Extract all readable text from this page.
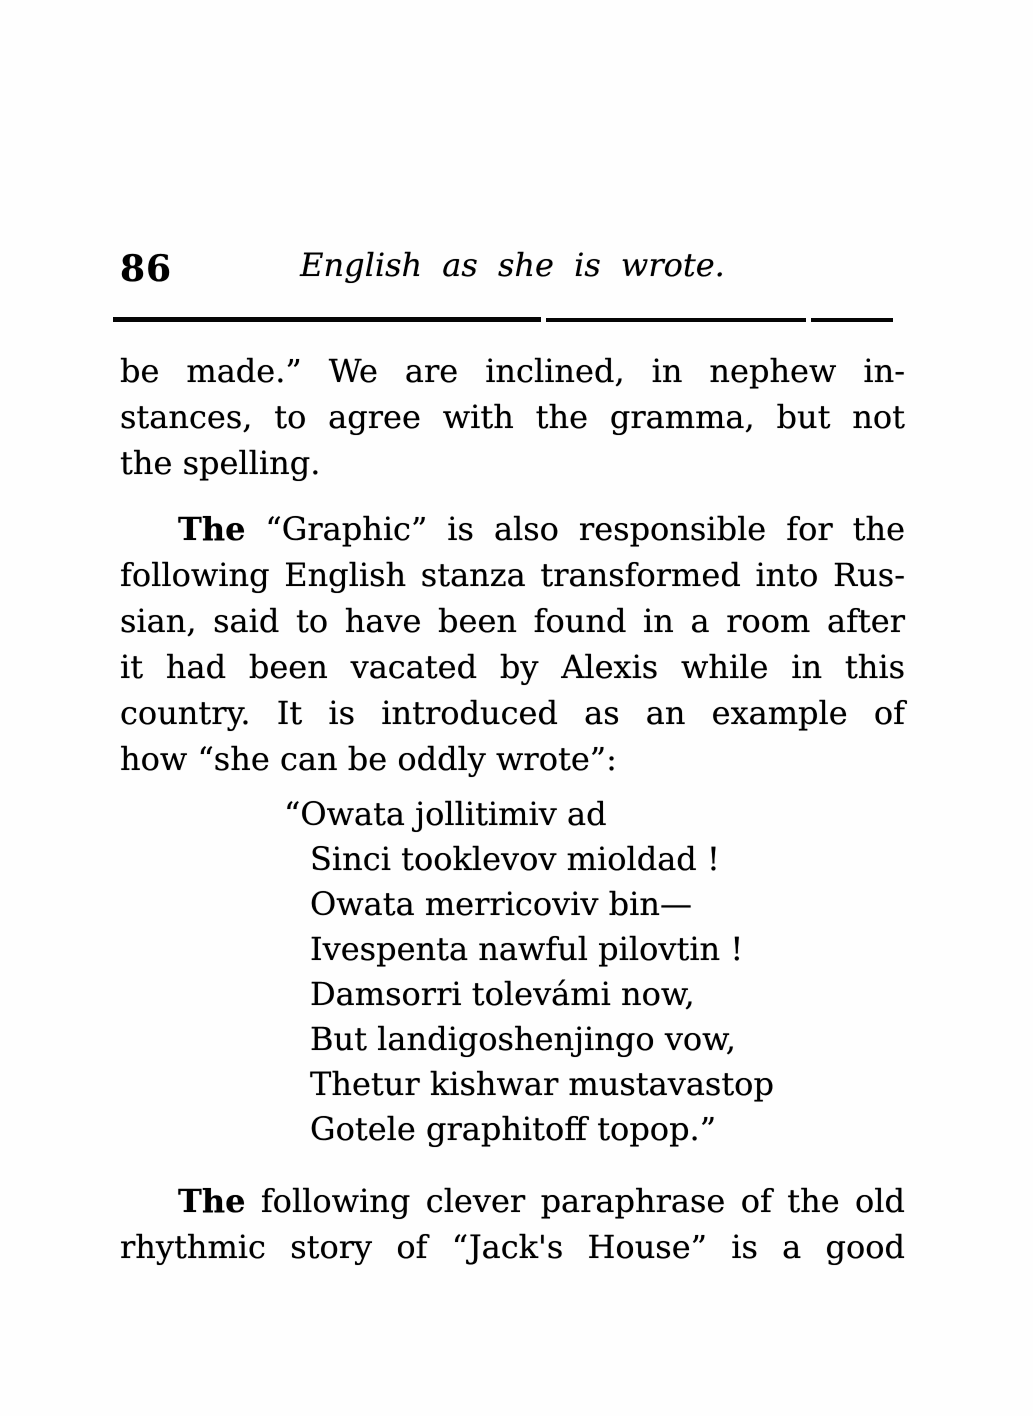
86	English as she is wrote.
be made.” We are inclined, in nephew in-
stances, to agree with the gramma, but not
the spelling.
The “Graphic” is also responsible for the
following English stanza transformed into Rus-
sian, said to have been found in a room after
it had been vacated by Alexis while in this
country. It is introduced as an example of
how “she can be oddly wrote”:
“Owata jollitimiv ad
Sinci tooklevov mioldad !
Owata merricoviv bin—
Ivespenta nawful pilovtin !
Damsorri tolevámi now,
But landigoshenjingo vow,
Thetur kishwar mustavastop
Gotele graphitoff topop.”
The following clever paraphrase of the old
rhythmic story of “Jack's House” is a good
